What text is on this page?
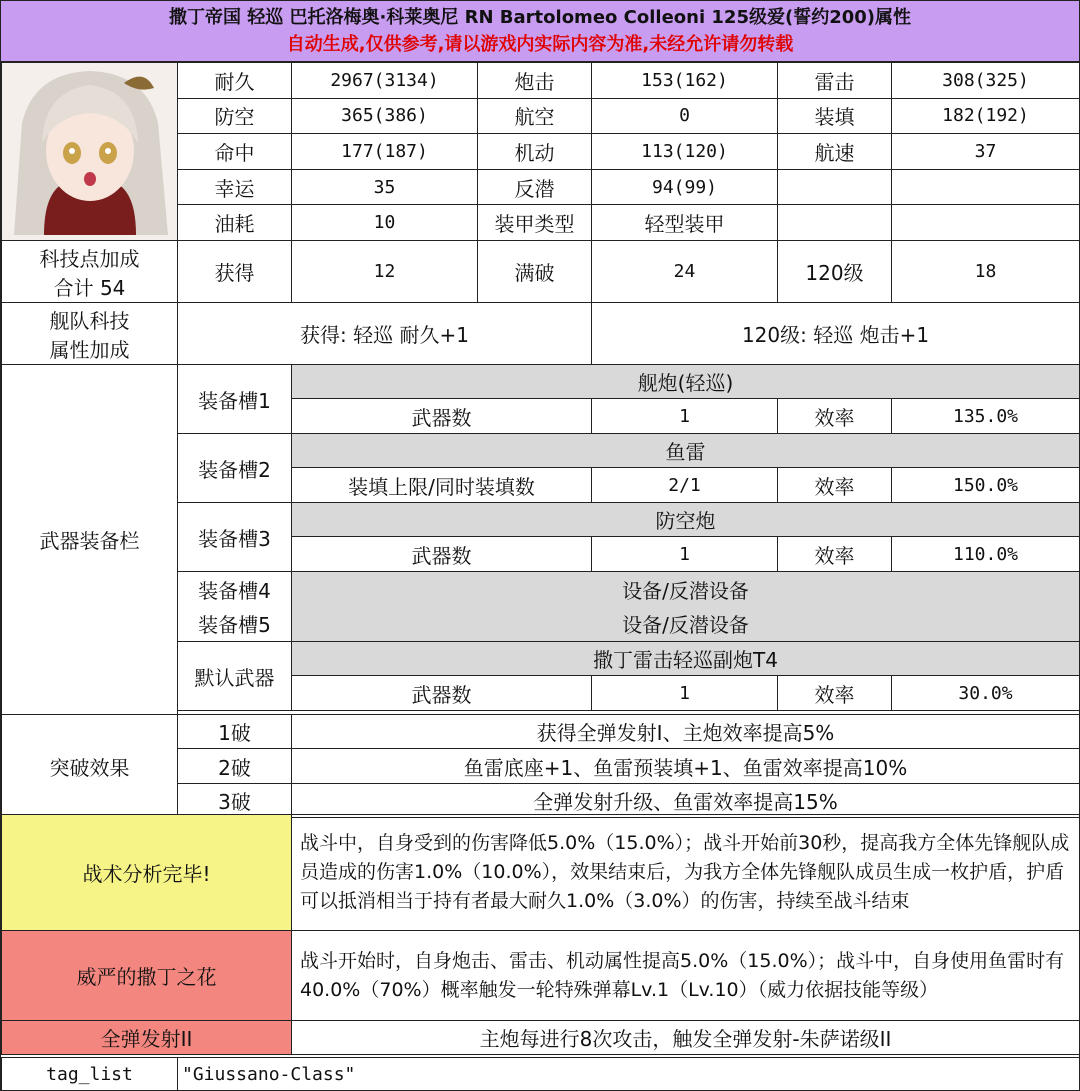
撒丁帝国 轻巡 巴托洛梅奥·科莱奥尼 RN Bartolomeo Colleoni 125级爱(誓约200)属性
自动生成,仅供参考,请以游戏内实际内容为准,未经允许请勿转载
	耐久	2967(3134)	炮击	153(162)	雷击	308(325)
	防空	365(386)	航空	0	装填	182(192)
	命中	177(187)	机动	113(120)	航速	37
	幸运	35	反潜	94(99)		
	油耗	10	装甲类型	轻型装甲		

科技点加成
合计 54	获得	12	满破	24	120级	18

舰队科技
属性加成	获得: 轻巡 耐久+1			120级: 轻巡 炮击+1		
武器装备栏	装备槽1	舰炮(轻巡)				
		武器数		1	效率	135.0%
	装备槽2	鱼雷				
		装填上限/同时装填数		2/1	效率	150.0%
	装备槽3	防空炮				
		武器数		1	效率	110.0%
	装备槽4	设备/反潜设备				
	装备槽5	设备/反潜设备				
	默认武器	撒丁雷击轻巡副炮T4				
		武器数		1	效率	30.0%

突破效果	1破	获得全弹发射I、主炮效率提高5%				
	2破	鱼雷底座+1、鱼雷预装填+1、鱼雷效率提高10%				
	3破	全弹发射升级、鱼雷效率提高15%				
战术分析完毕!	战斗中，自身受到的伤害降低5.0%（15.0%）；战斗开始前30秒，提高我方全体先锋舰队成员造成的伤害1.0%（10.0%），效果结束后，为我方全体先锋舰队成员生成一枚护盾，护盾可以抵消相当于持有者最大耐久1.0%（3.0%）的伤害，持续至战斗结束
威严的撒丁之花	战斗开始时，自身炮击、雷击、机动属性提高5.0%（15.0%）；战斗中，自身使用鱼雷时有40.0%（70%）概率触发一轮特殊弹幕Lv.1（Lv.10）（威力依据技能等级）
全弹发射II	主炮每进行8次攻击，触发全弹发射-朱萨诺级II
tag_list	"Giussano-Class"
